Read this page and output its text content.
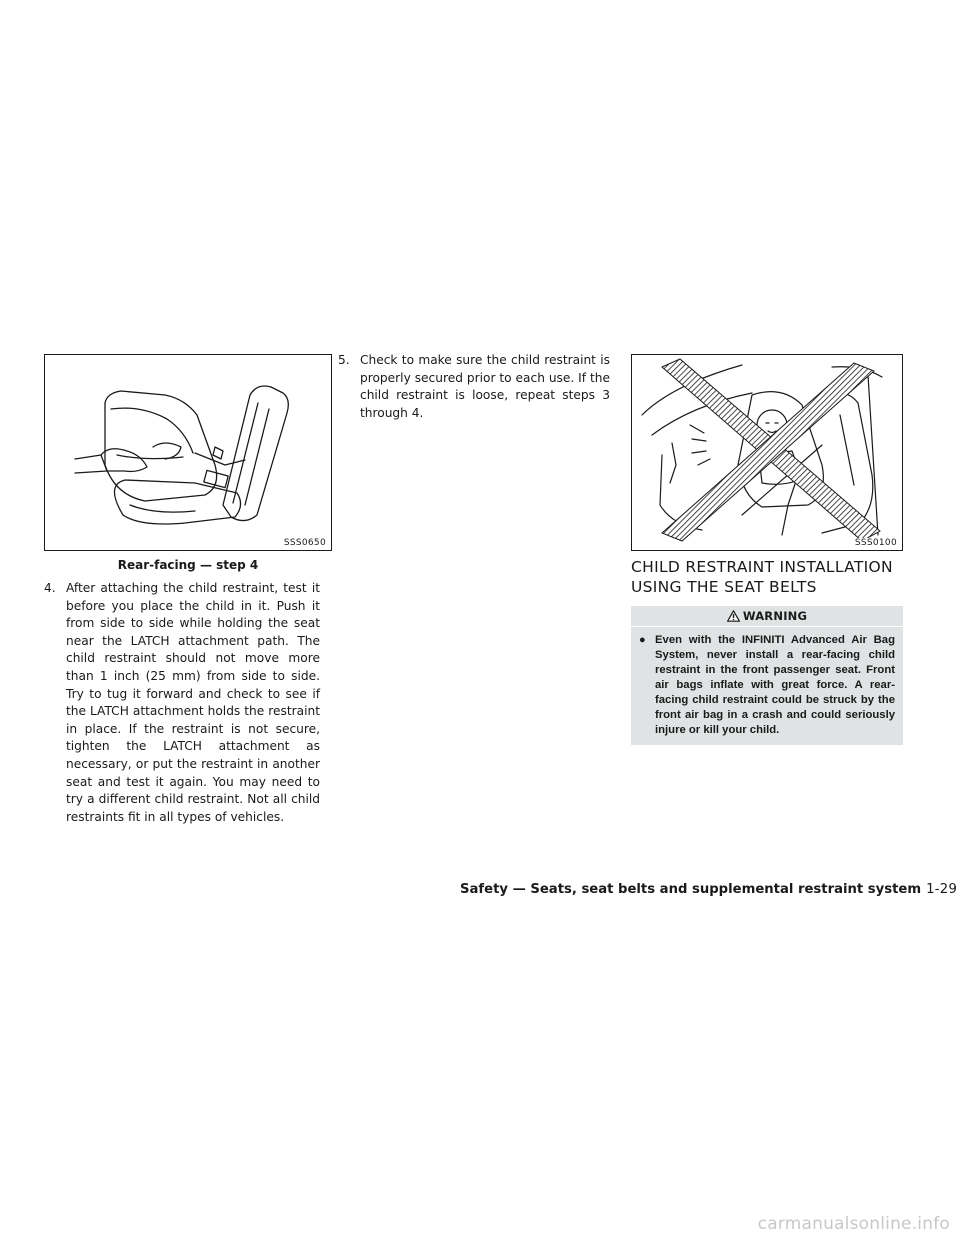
SSS0650
Rear-facing — step 4
4. After attaching the child restraint, test it before you place the child in it. Push it from side to side while holding the seat near the LATCH attachment path. The child restraint should not move more than 1 inch (25 mm) from side to side. Try to tug it forward and check to see if the LATCH attachment holds the restraint in place. If the restraint is not secure, tighten the LATCH attachment as necessary, or put the restraint in another seat and test it again. You may need to try a different child restraint. Not all child restraints fit in all types of vehicles.
5. Check to make sure the child restraint is properly secured prior to each use. If the child restraint is loose, repeat steps 3 through 4.
SSS0100
CHILD RESTRAINT INSTALLATION
USING THE SEAT BELTS
WARNING
● Even with the INFINITI Advanced Air Bag System, never install a rear-facing child restraint in the front passenger seat. Front air bags inflate with great force. A rear-facing child restraint could be struck by the front air bag in a crash and could seriously injure or kill your child.
Safety — Seats, seat belts and supplemental restraint system 1-29
carmanualsonline.info
